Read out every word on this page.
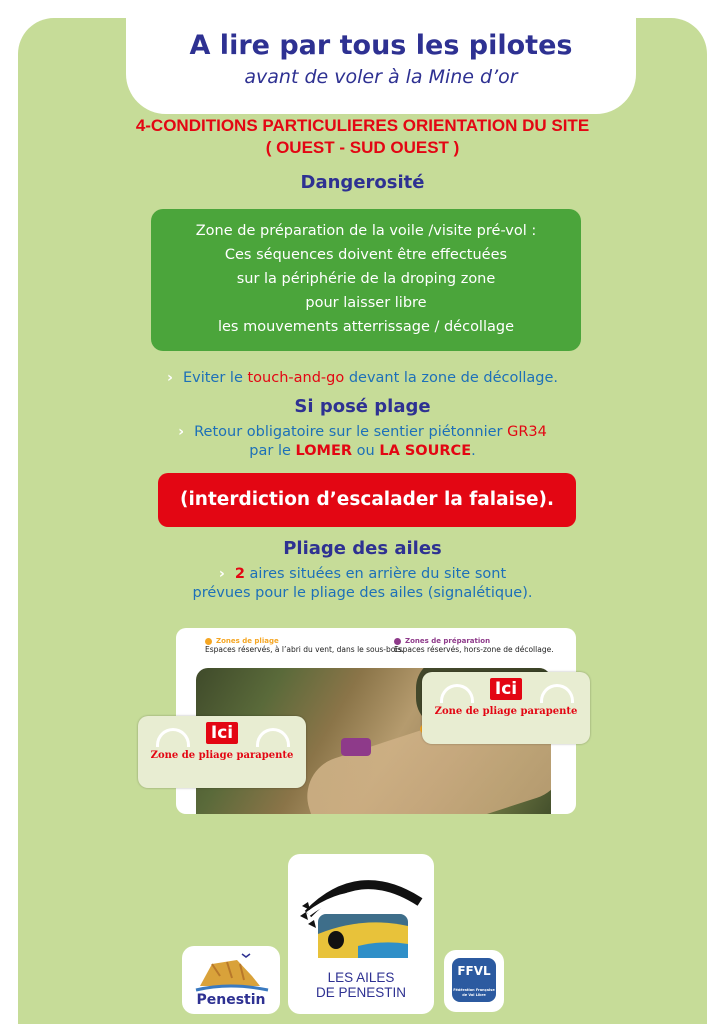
A lire par tous les pilotes
avant de voler à la Mine d’or
4-CONDITIONS PARTICULIERES ORIENTATION DU SITE
( OUEST - SUD OUEST )
Dangerosité
Zone de préparation de la voile /visite pré-vol :
Ces séquences doivent être effectuées
sur la périphérie de la droping zone
pour laisser libre
les mouvements atterrissage / décollage
› Eviter le touch-and-go devant la zone de décollage.
Si posé plage
› Retour obligatoire sur le sentier piétonnier GR34
par le LOMER ou LA SOURCE.
(interdiction d’escalader la falaise).
Pliage des ailes
› 2 aires situées en arrière du site sont
prévues pour le pliage des ailes (signalétique).
Zones de pliage
Espaces réservés, à l’abri du vent, dans le sous-bois.
Zones de préparation
Espaces réservés, hors-zone de décollage.
Ici
Zone de pliage parapente
Ici
Zone de pliage parapente
Penestin
LES AILES
DE PENESTIN
FFVL
Fédération Française de Vol Libre
